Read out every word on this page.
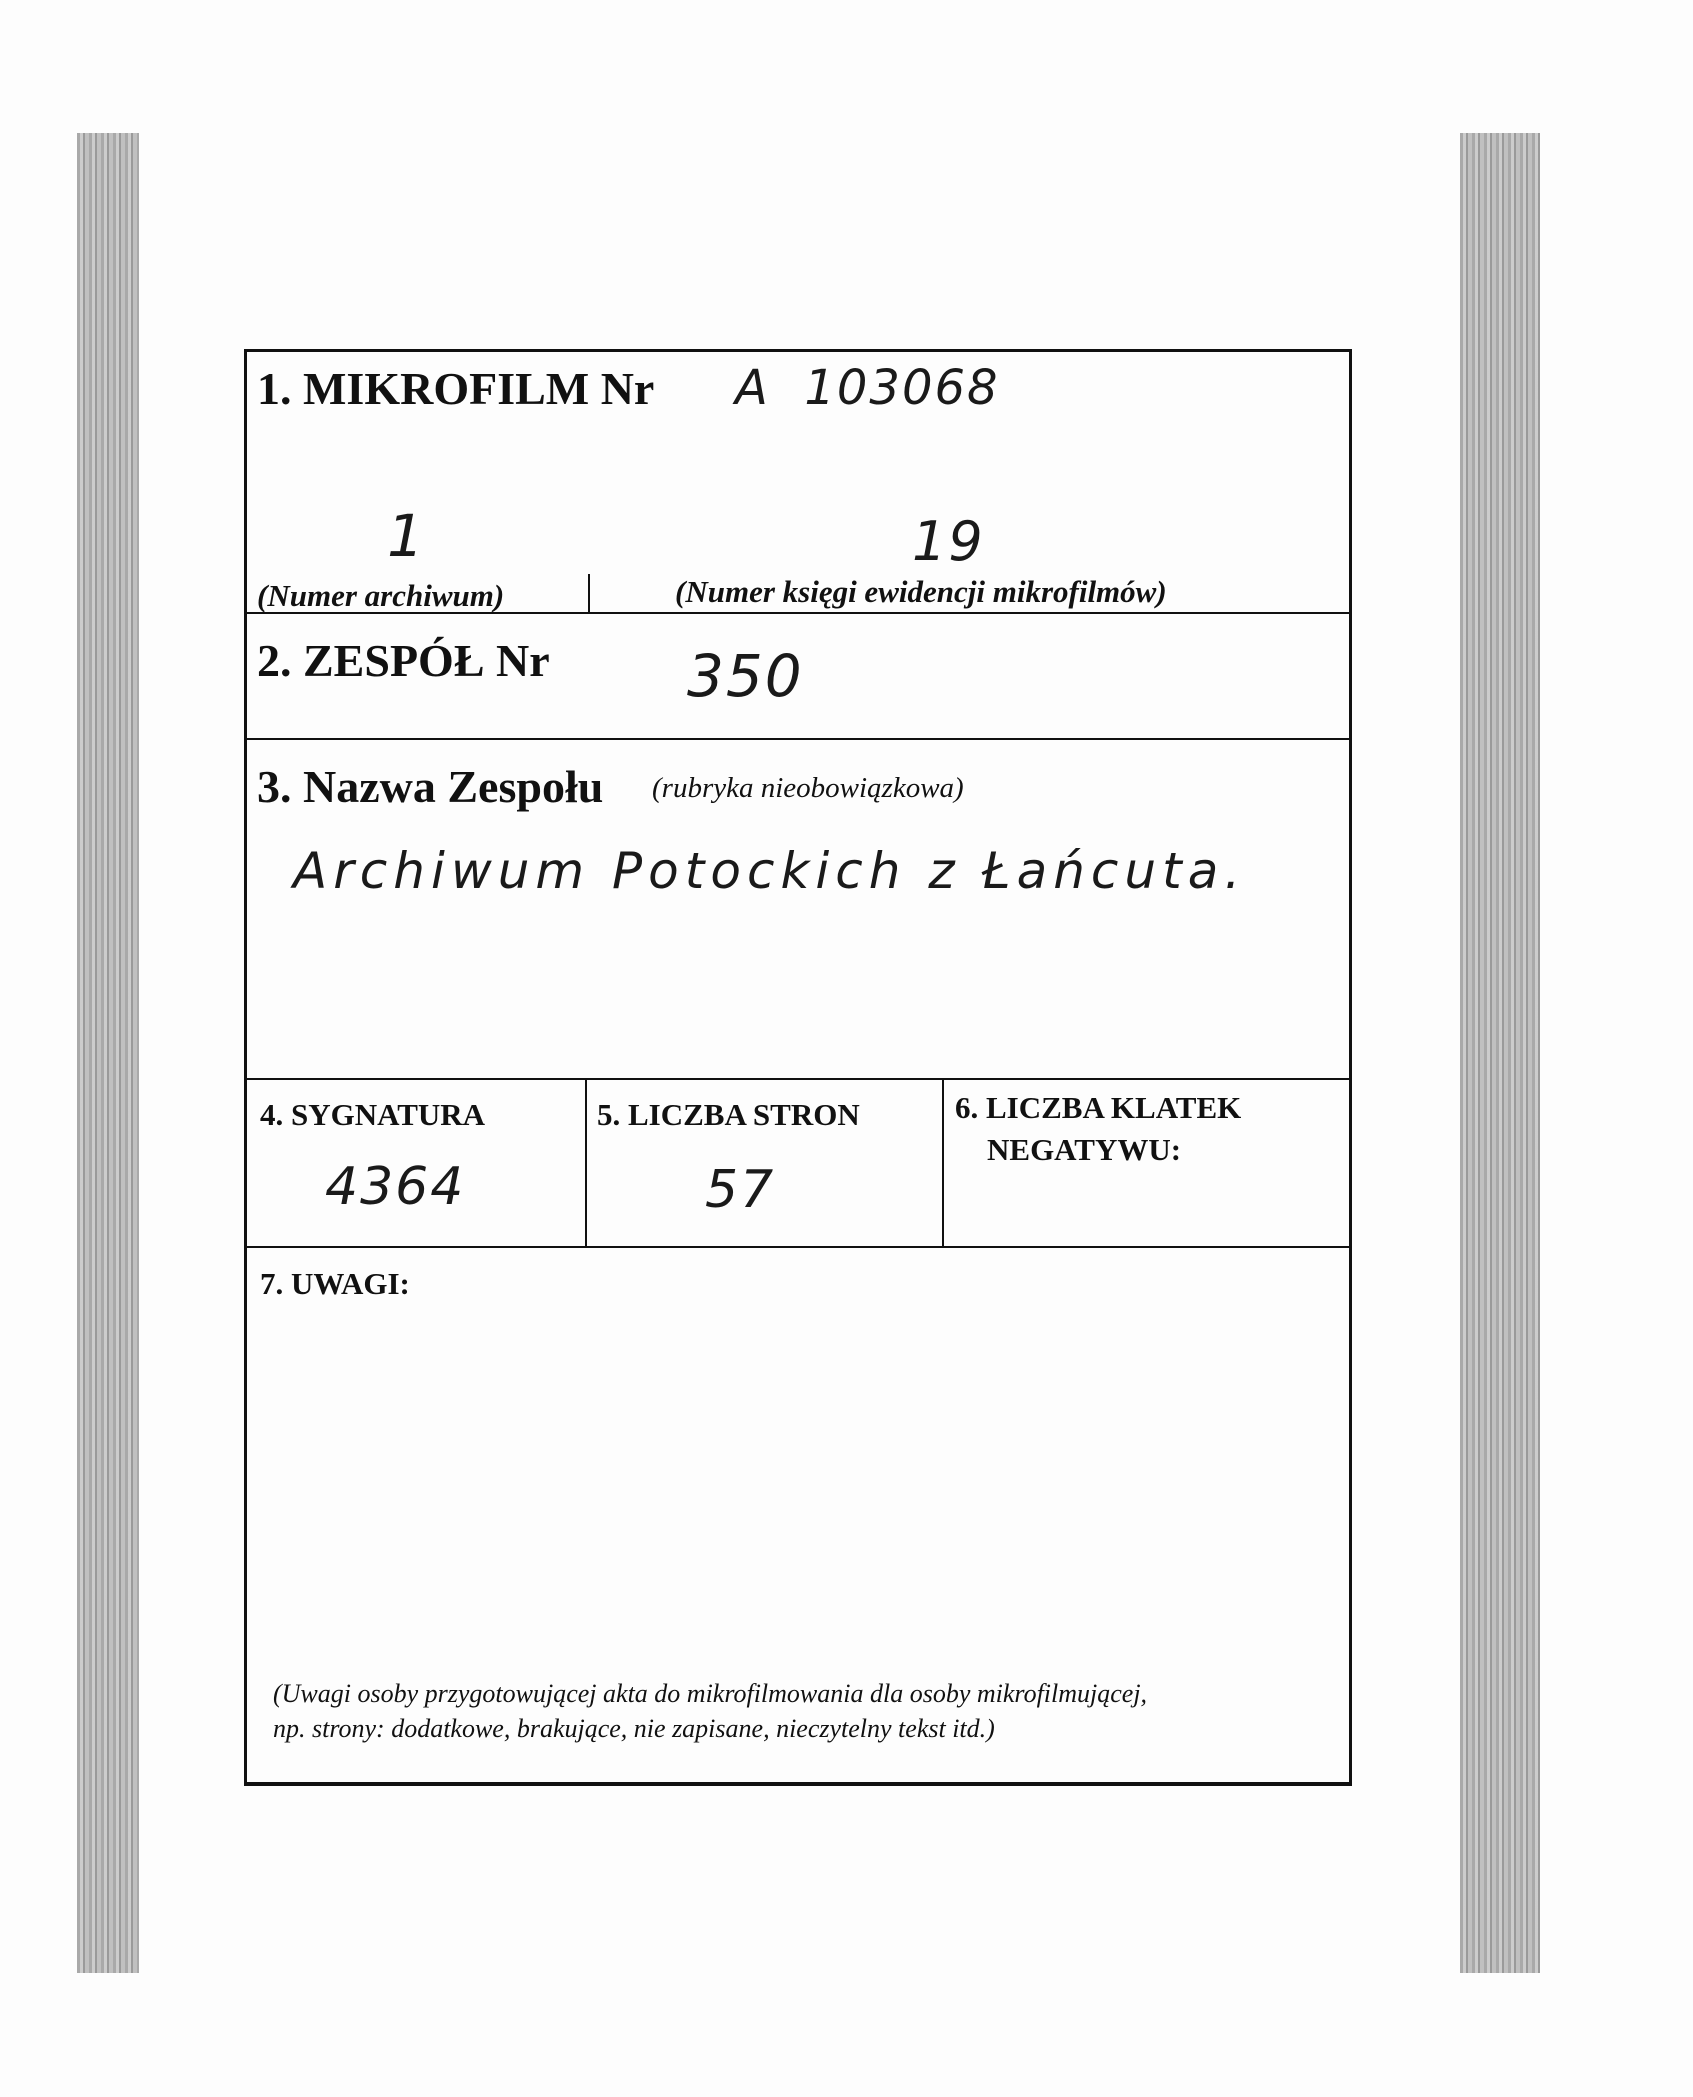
1. MIKROFILM Nr A  103068
1	19
(Numer archiwum)	(Numer księgi ewidencji mikrofilmów)
2. ZESPÓŁ Nr 350
3. Nazwa Zespołu (rubryka nieobowiązkowa)
Archiwum Potockich z Łańcuta.
4. SYGNATURA
4364
5. LICZBA STRON
57
6. LICZBA KLATEK
NEGATYWU:
7. UWAGI:
(Uwagi osoby przygotowującej akta do mikrofilmowania dla osoby mikrofilmującej,
np. strony: dodatkowe, brakujące, nie zapisane, nieczytelny tekst itd.)
